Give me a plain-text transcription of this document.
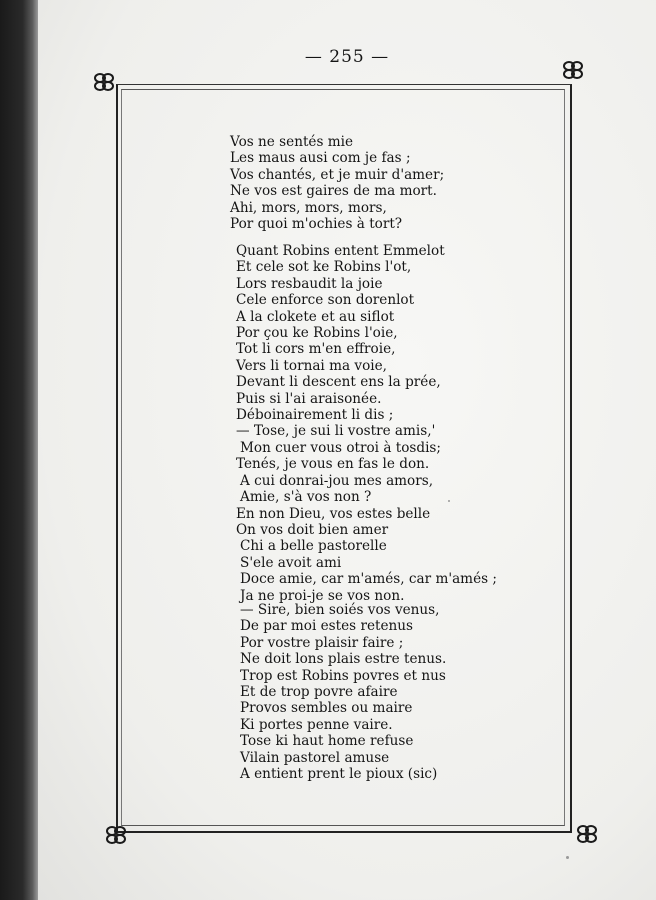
— 255 —
Vos ne sentés mie
Les maus ausi com je fas ;
Vos chantés, et je muir d'amer;
Ne vos est gaires de ma mort.
Ahi, mors, mors, mors,
Por quoi m'ochies à tort?
Quant Robins entent Emmelot
Et cele sot ke Robins l'ot,
Lors resbaudit la joie
Cele enforce son dorenlot
A la clokete et au siflot
Por çou ke Robins l'oie,
Tot li cors m'en effroie,
Vers li tornai ma voie,
Devant li descent ens la prée,
Puis si l'ai araisonée.
Déboinairement li dis ;
— Tose, je sui li vostre amis,'
Mon cuer vous otroi à tosdis;
Tenés, je vous en fas le don.
A cui donrai-jou mes amors,
Amie, s'à vos non ?
En non Dieu, vos estes belle
On vos doit bien amer
Chi a belle pastorelle
S'ele avoit ami
Doce amie, car m'amés, car m'amés ;
Ja ne proi-je se vos non.
— Sire, bien soiés vos venus,
De par moi estes retenus
Por vostre plaisir faire ;
Ne doit lons plais estre tenus.
Trop est Robins povres et nus
Et de trop povre afaire
Provos sembles ou maire
Ki portes penne vaire.
Tose ki haut home refuse
Vilain pastorel amuse
A entient prent le pioux (sic)
